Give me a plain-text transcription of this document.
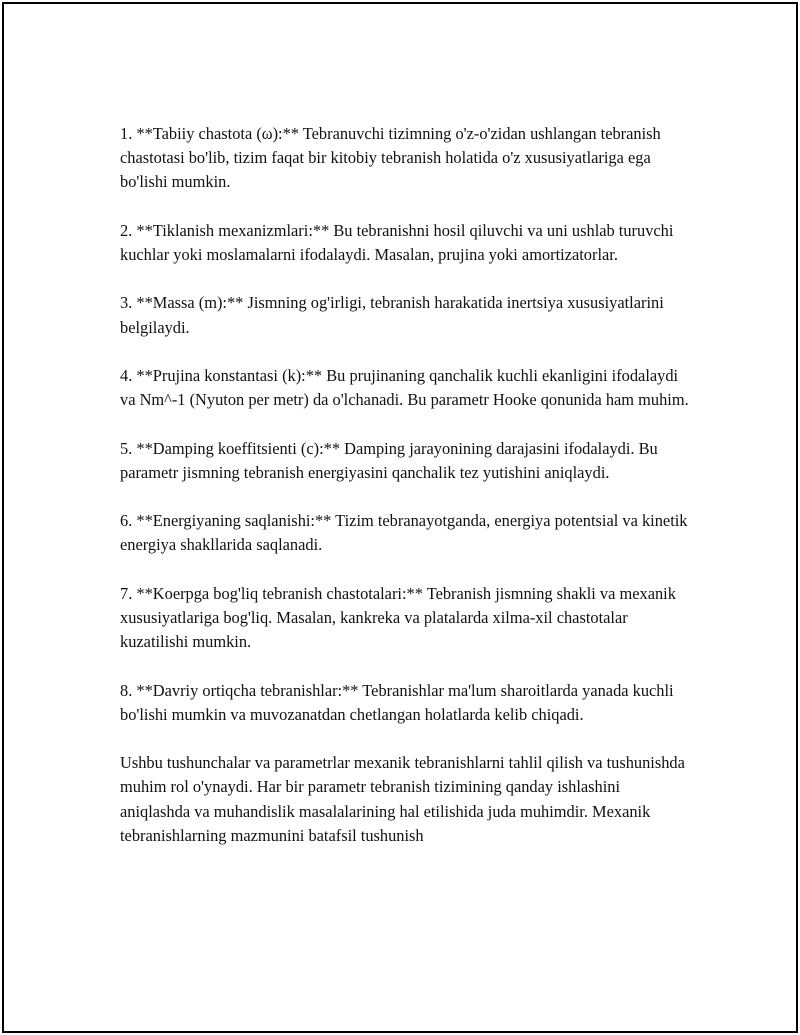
1. **Tabiiy chastota (ω):** Tebranuvchi tizimning o'z-o'zidan ushlangan tebranish chastotasi bo'lib, tizim faqat bir kitobiy tebranish holatida o'z xususiyatlariga ega bo'lishi mumkin.

2. **Tiklanish mexanizmlari:** Bu tebranishni hosil qiluvchi va uni ushlab turuvchi kuchlar yoki moslamalarni ifodalaydi. Masalan, prujina yoki amortizatorlar.

3. **Massa (m):** Jismning og'irligi, tebranish harakatida inertsiya xususiyatlarini belgilaydi.

4. **Prujina konstantasi (k):** Bu prujinaning qanchalik kuchli ekanligini ifodalaydi va Nm^-1 (Nyuton per metr) da o'lchanadi. Bu parametr Hooke qonunida ham muhim.

5. **Damping koeffitsienti (c):** Damping jarayonining darajasini ifodalaydi. Bu parametr jismning tebranish energiyasini qanchalik tez yutishini aniqlaydi.

6. **Energiyaning saqlanishi:** Tizim tebranayotganda, energiya potentsial va kinetik energiya shakllarida saqlanadi.

7. **Koerpga bog'liq tebranish chastotalari:** Tebranish jismning shakli va mexanik xususiyatlariga bog'liq. Masalan, kankreka va platalarda xilma-xil chastotalar kuzatilishi mumkin.

8. **Davriy ortiqcha tebranishlar:** Tebranishlar ma'lum sharoitlarda yanada kuchli bo'lishi mumkin va muvozanatdan chetlangan holatlarda kelib chiqadi.

Ushbu tushunchalar va parametrlar mexanik tebranishlarni tahlil qilish va tushunishda muhim rol o'ynaydi. Har bir parametr tebranish tizimining qanday ishlashini aniqlashda va muhandislik masalalarining hal etilishida juda muhimdir. Mexanik tebranishlarning mazmunini batafsil tushunish
